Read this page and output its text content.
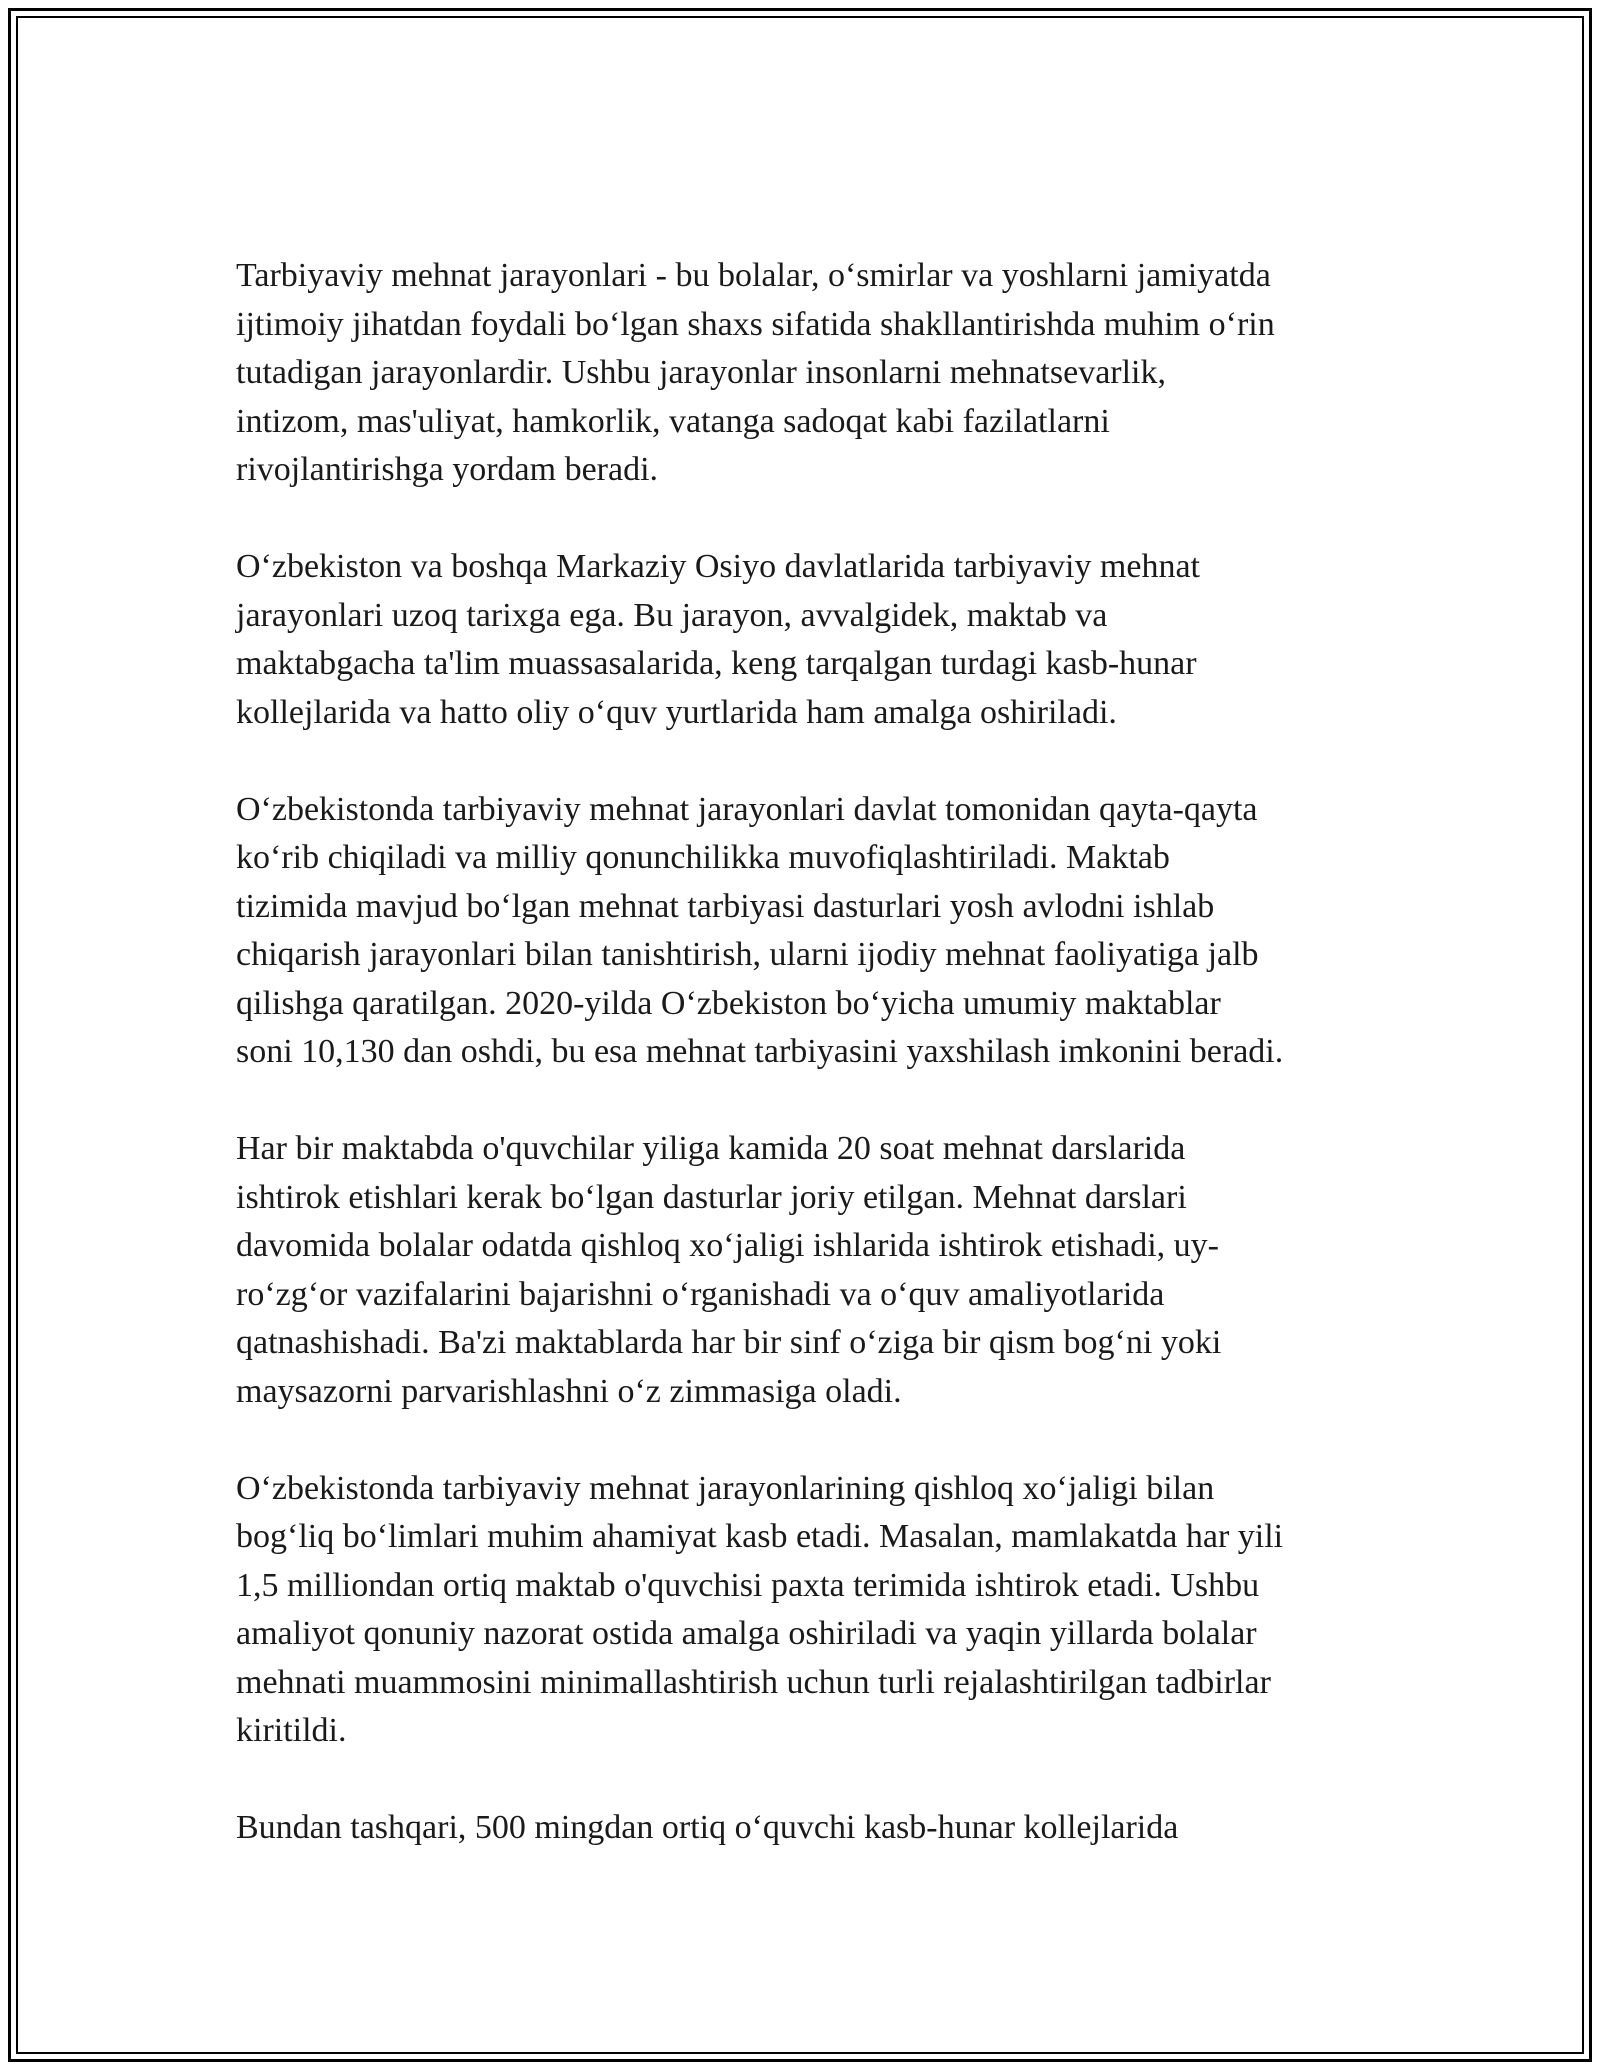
Tarbiyaviy mehnat jarayonlari - bu bolalar, o‘smirlar va yoshlarni jamiyatda
ijtimoiy jihatdan foydali bo‘lgan shaxs sifatida shakllantirishda muhim o‘rin
tutadigan jarayonlardir. Ushbu jarayonlar insonlarni mehnatsevarlik,
intizom, mas'uliyat, hamkorlik, vatanga sadoqat kabi fazilatlarni
rivojlantirishga yordam beradi.

O‘zbekiston va boshqa Markaziy Osiyo davlatlarida tarbiyaviy mehnat
jarayonlari uzoq tarixga ega. Bu jarayon, avvalgidek, maktab va
maktabgacha ta'lim muassasalarida, keng tarqalgan turdagi kasb-hunar
kollejlarida va hatto oliy o‘quv yurtlarida ham amalga oshiriladi.

O‘zbekistonda tarbiyaviy mehnat jarayonlari davlat tomonidan qayta-qayta
ko‘rib chiqiladi va milliy qonunchilikka muvofiqlashtiriladi. Maktab
tizimida mavjud bo‘lgan mehnat tarbiyasi dasturlari yosh avlodni ishlab
chiqarish jarayonlari bilan tanishtirish, ularni ijodiy mehnat faoliyatiga jalb
qilishga qaratilgan. 2020-yilda O‘zbekiston bo‘yicha umumiy maktablar
soni 10,130 dan oshdi, bu esa mehnat tarbiyasini yaxshilash imkonini beradi.

Har bir maktabda o'quvchilar yiliga kamida 20 soat mehnat darslarida
ishtirok etishlari kerak bo‘lgan dasturlar joriy etilgan. Mehnat darslari
davomida bolalar odatda qishloq xo‘jaligi ishlarida ishtirok etishadi, uy-
ro‘zg‘or vazifalarini bajarishni o‘rganishadi va o‘quv amaliyotlarida
qatnashishadi. Ba'zi maktablarda har bir sinf o‘ziga bir qism bog‘ni yoki
maysazorni parvarishlashni o‘z zimmasiga oladi.

O‘zbekistonda tarbiyaviy mehnat jarayonlarining qishloq xo‘jaligi bilan
bog‘liq bo‘limlari muhim ahamiyat kasb etadi. Masalan, mamlakatda har yili
1,5 milliondan ortiq maktab o'quvchisi paxta terimida ishtirok etadi. Ushbu
amaliyot qonuniy nazorat ostida amalga oshiriladi va yaqin yillarda bolalar
mehnati muammosini minimallashtirish uchun turli rejalashtirilgan tadbirlar
kiritildi.

Bundan tashqari, 500 mingdan ortiq o‘quvchi kasb-hunar kollejlarida
